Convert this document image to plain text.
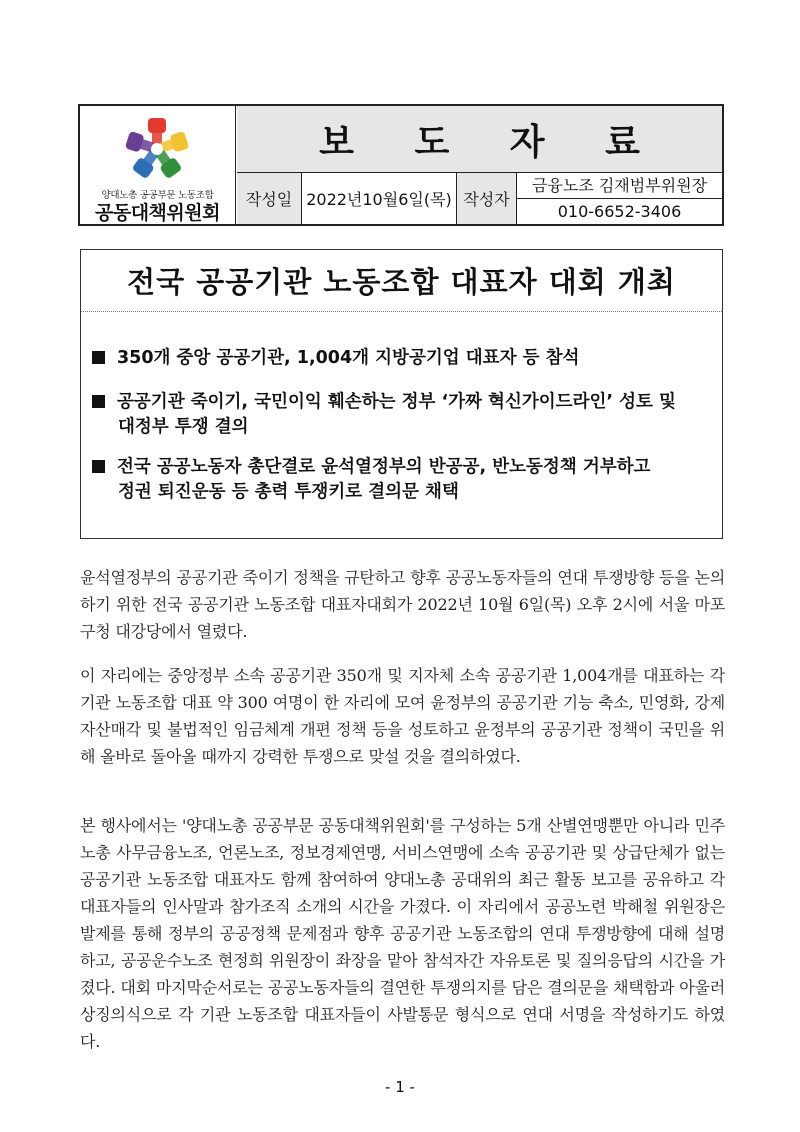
양대노총 공공부문 노동조합
공동대책위원회
보 도 자 료
작성일 2022년10월6일(목) 작성자
금융노조 김재범부위원장
010-6652-3406
전국 공공기관 노동조합 대표자 대회 개최
350개 중앙 공공기관, 1,004개 지방공기업 대표자 등 참석
공공기관 죽이기, 국민이익 훼손하는 정부 ‘가짜 혁신가이드라인’ 성토 및
대정부 투쟁 결의
전국 공공노동자 총단결로 윤석열정부의 반공공, 반노동정책 거부하고
정권 퇴진운동 등 총력 투쟁키로 결의문 채택
윤석열정부의 공공기관 죽이기 정책을 규탄하고 향후 공공노동자들의 연대 투쟁방향 등을 논의하기 위한 전국 공공기관 노동조합 대표자대회가 2022년 10월 6일(목) 오후 2시에 서울 마포구청 대강당에서 열렸다.
이 자리에는 중앙정부 소속 공공기관 350개 및 지자체 소속 공공기관 1,004개를 대표하는 각 기관 노동조합 대표 약 300 여명이 한 자리에 모여 윤정부의 공공기관 기능 축소, 민영화, 강제 자산매각 및 불법적인 임금체계 개편 정책 등을 성토하고 윤정부의 공공기관 정책이 국민을 위해 올바로 돌아올 때까지 강력한 투쟁으로 맞설 것을 결의하였다.
본 행사에서는 '양대노총 공공부문 공동대책위원회'를 구성하는 5개 산별연맹뿐만 아니라 민주노총 사무금융노조, 언론노조, 정보경제연맹, 서비스연맹에 소속 공공기관 및 상급단체가 없는 공공기관 노동조합 대표자도 함께 참여하여 양대노총 공대위의 최근 활동 보고를 공유하고 각 대표자들의 인사말과 참가조직 소개의 시간을 가졌다. 이 자리에서 공공노련 박해철 위원장은 발제를 통해 정부의 공공정책 문제점과 향후 공공기관 노동조합의 연대 투쟁방향에 대해 설명하고, 공공운수노조 현정희 위원장이 좌장을 맡아 참석자간 자유토론 및 질의응답의 시간을 가졌다. 대회 마지막순서로는 공공노동자들의 결연한 투쟁의지를 담은 결의문을 채택함과 아울러 상징의식으로 각 기관 노동조합 대표자들이 사발통문 형식으로 연대 서명을 작성하기도 하였다.
- 1 -
